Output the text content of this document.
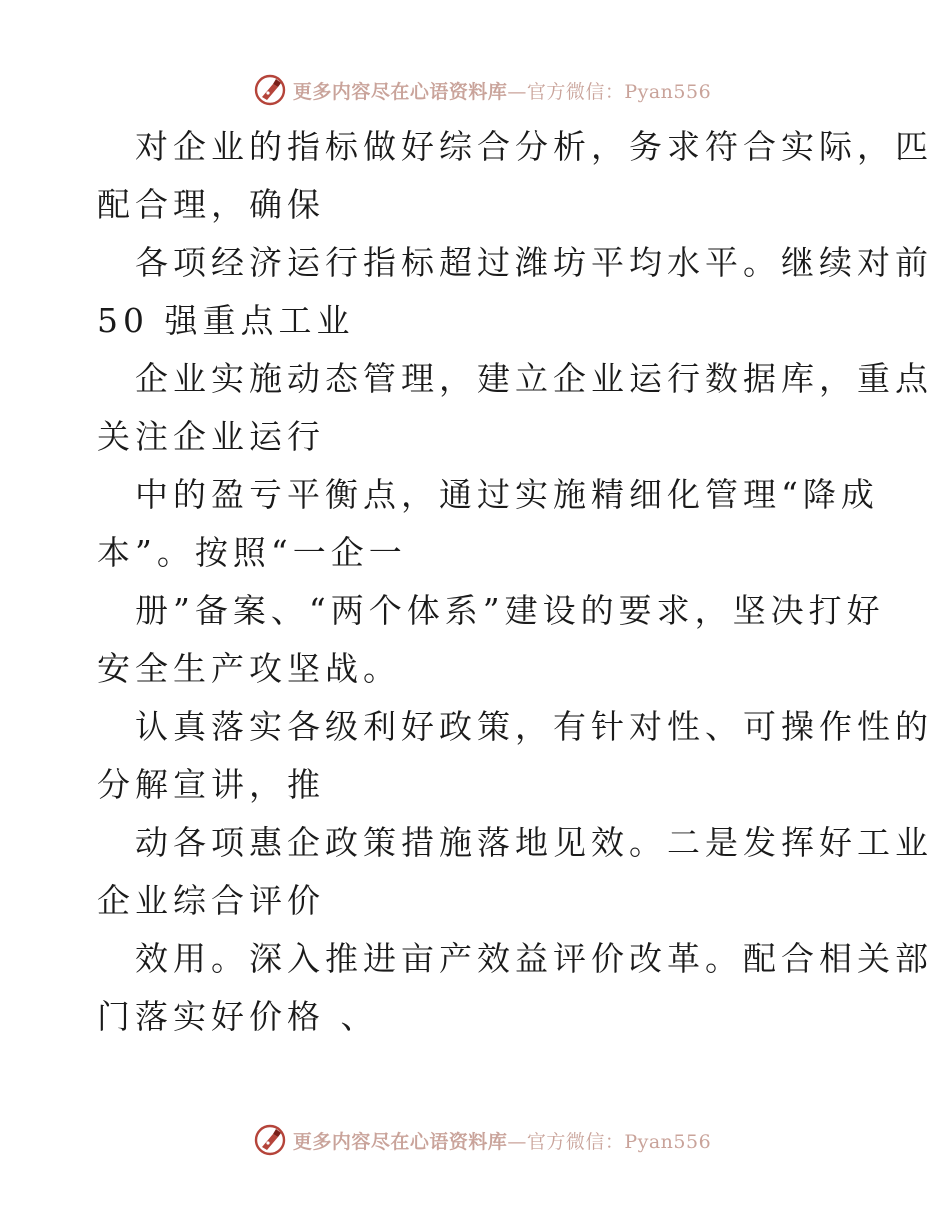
更多内容尽在心语资料库—官方微信：Pyan556

对企业的指标做好综合分析，务求符合实际，匹
配合理，确保

各项经济运行指标超过潍坊平均水平。继续对前
50 强重点工业

企业实施动态管理，建立企业运行数据库，重点
关注企业运行

中的盈亏平衡点，通过实施精细化管理“降成
本”。按照“一企一

册”备案、“两个体系”建设的要求，坚决打好
安全生产攻坚战。

认真落实各级利好政策，有针对性、可操作性的
分解宣讲，推

动各项惠企政策措施落地见效。二是发挥好工业
企业综合评价

效用。深入推进亩产效益评价改革。配合相关部
门落实好价格 、

更多内容尽在心语资料库—官方微信：Pyan556
